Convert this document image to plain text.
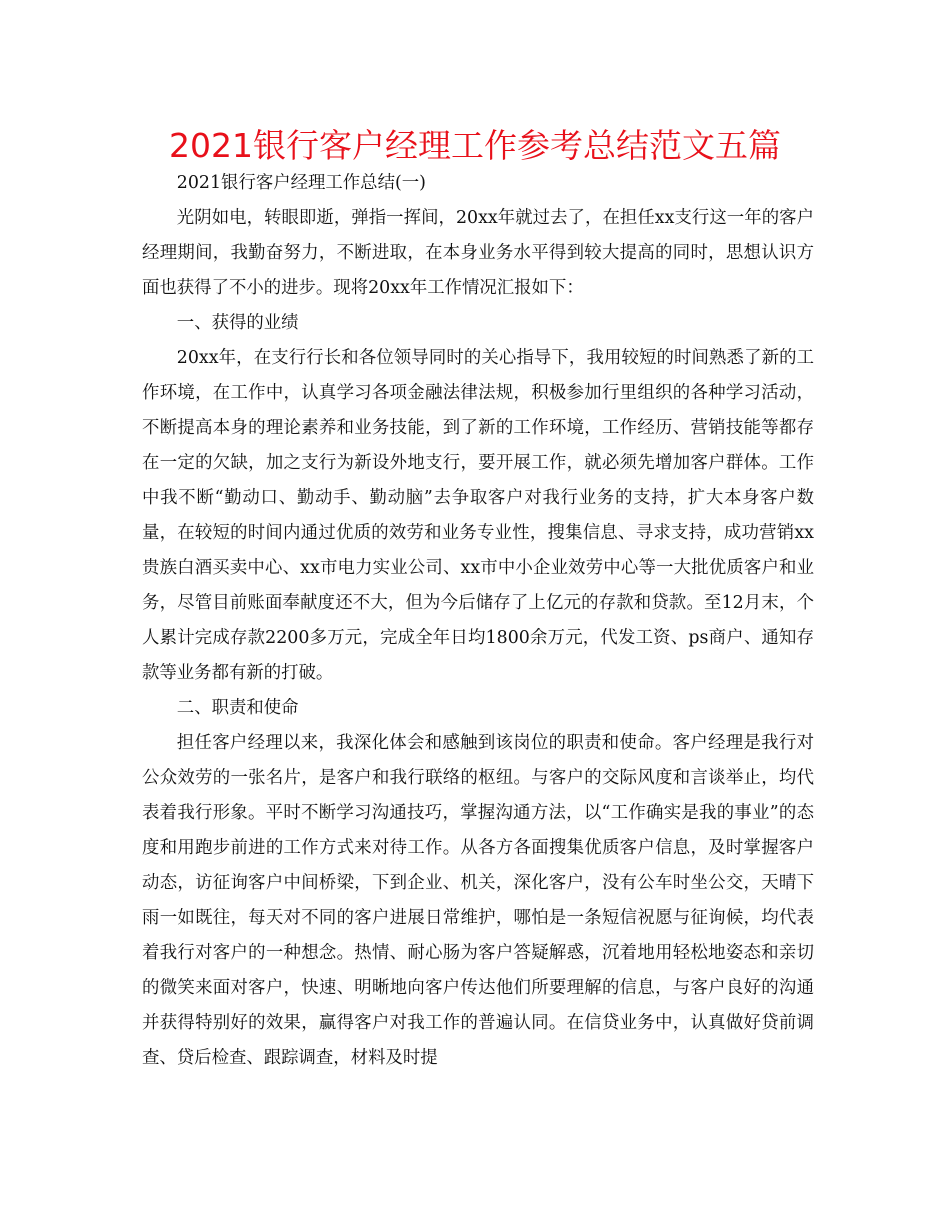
2021银行客户经理工作参考总结范文五篇

2021银行客户经理工作总结(一)

光阴如电，转眼即逝，弹指一挥间，20xx年就过去了，在担任xx支行这一年的客户经理期间，我勤奋努力，不断进取，在本身业务水平得到较大提高的同时，思想认识方面也获得了不小的进步。现将20xx年工作情况汇报如下：

一、获得的业绩

20xx年，在支行行长和各位领导同时的关心指导下，我用较短的时间熟悉了新的工作环境，在工作中，认真学习各项金融法律法规，积极参加行里组织的各种学习活动，不断提高本身的理论素养和业务技能，到了新的工作环境，工作经历、营销技能等都存在一定的欠缺，加之支行为新设外地支行，要开展工作，就必须先增加客户群体。工作中我不断“勤动口、勤动手、勤动脑”去争取客户对我行业务的支持，扩大本身客户数量，在较短的时间内通过优质的效劳和业务专业性，搜集信息、寻求支持，成功营销xx贵族白酒买卖中心、xx市电力实业公司、xx市中小企业效劳中心等一大批优质客户和业务，尽管目前账面奉献度还不大，但为今后储存了上亿元的存款和贷款。至12月末，个人累计完成存款2200多万元，完成全年日均1800余万元，代发工资、ps商户、通知存款等业务都有新的打破。

二、职责和使命

担任客户经理以来，我深化体会和感触到该岗位的职责和使命。客户经理是我行对公众效劳的一张名片，是客户和我行联络的枢纽。与客户的交际风度和言谈举止，均代表着我行形象。平时不断学习沟通技巧，掌握沟通方法，以“工作确实是我的事业”的态度和用跑步前进的工作方式来对待工作。从各方各面搜集优质客户信息，及时掌握客户动态，访征询客户中间桥梁，下到企业、机关，深化客户，没有公车时坐公交，天晴下雨一如既往，每天对不同的客户进展日常维护，哪怕是一条短信祝愿与征询候，均代表着我行对客户的一种想念。热情、耐心肠为客户答疑解惑，沉着地用轻松地姿态和亲切的微笑来面对客户，快速、明晰地向客户传达他们所要理解的信息，与客户良好的沟通并获得特别好的效果，赢得客户对我工作的普遍认同。在信贷业务中，认真做好贷前调查、贷后检查、跟踪调查，材料及时提
